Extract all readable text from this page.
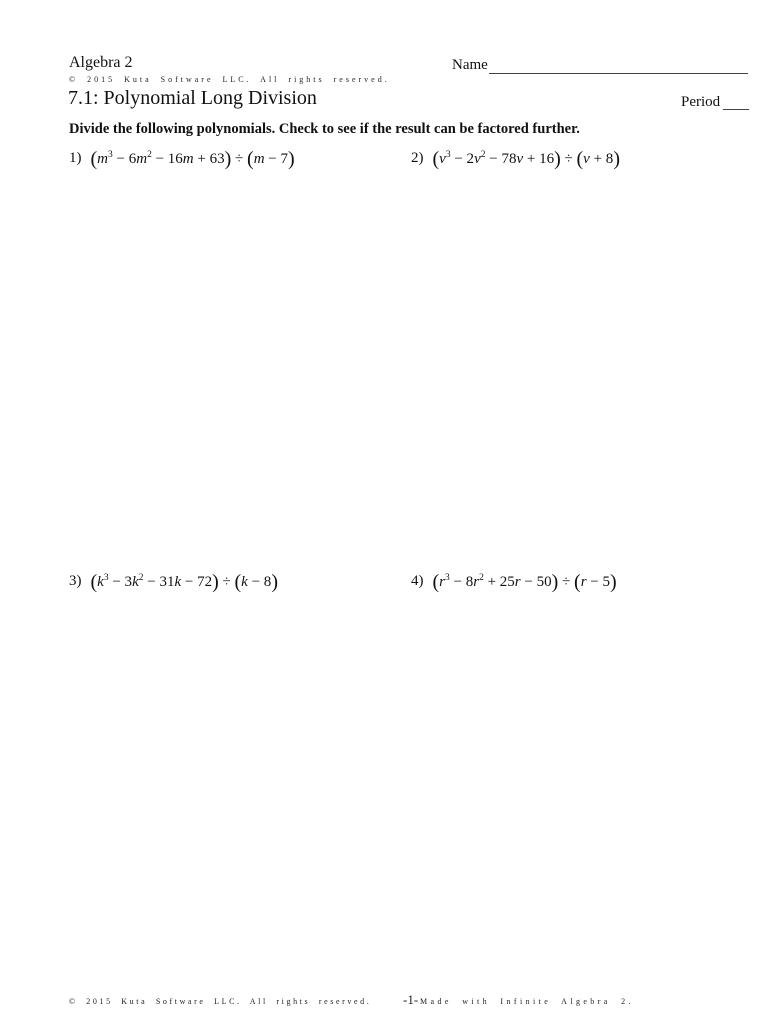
Algebra 2	Name
© 2015 Kuta Software LLC. All rights reserved.
7.1: Polynomial Long Division	Period
Divide the following polynomials. Check to see if the result can be factored further.
1) $(m^3 - 6m^2 - 16m + 63) \div (m - 7)$	2) $(v^3 - 2v^2 - 78v + 16) \div (v + 8)$
3) $(k^3 - 3k^2 - 31k - 72) \div (k - 8)$	4) $(r^3 - 8r^2 + 25r - 50) \div (r - 5)$
© 2015 Kuta Software LLC. All rights reserved. -1- Made with Infinite Algebra 2.
